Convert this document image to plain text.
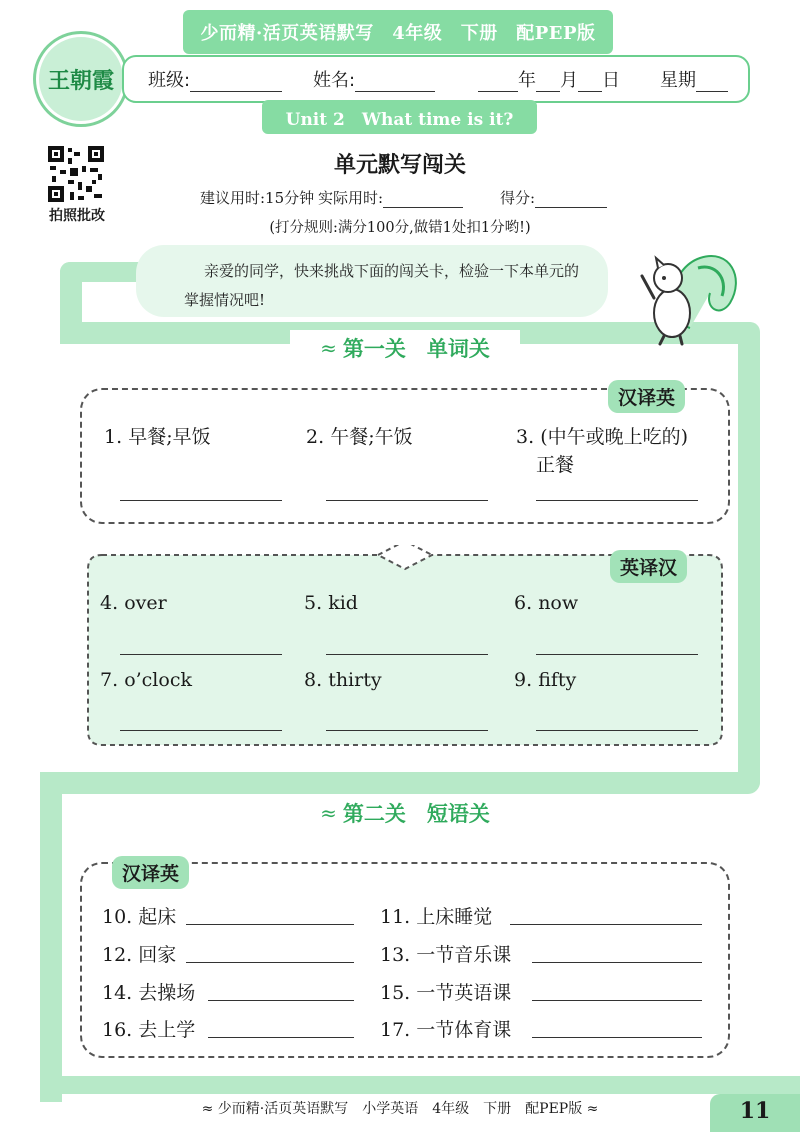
王朝霞
少而精·活页英语默写　4年级　下册　配PEP版
班级:	姓名:	年 月 日 星期
Unit 2　What time is it?
拍照批改
单元默写闯关
建议用时:15分钟 实际用时:	得分:
(打分规则:满分100分,做错1处扣1分哟!)
亲爱的同学，快来挑战下面的闯关卡，检验一下本单元的
掌握情况吧!
≈ 第一关　单词关
汉译英
1. 早餐;早饭	2. 午餐;午饭	3. (中午或晚上吃的)
正餐
英译汉
4. over	5. kid	6. now
7. o’clock	8. thirty	9. fifty
≈ 第二关　短语关
汉译英
10. 起床	11. 上床睡觉
12. 回家	13. 一节音乐课
14. 去操场	15. 一节英语课
16. 去上学	17. 一节体育课
≈ 少而精·活页英语默写　小学英语　4年级　下册　配PEP版 ≈	11
